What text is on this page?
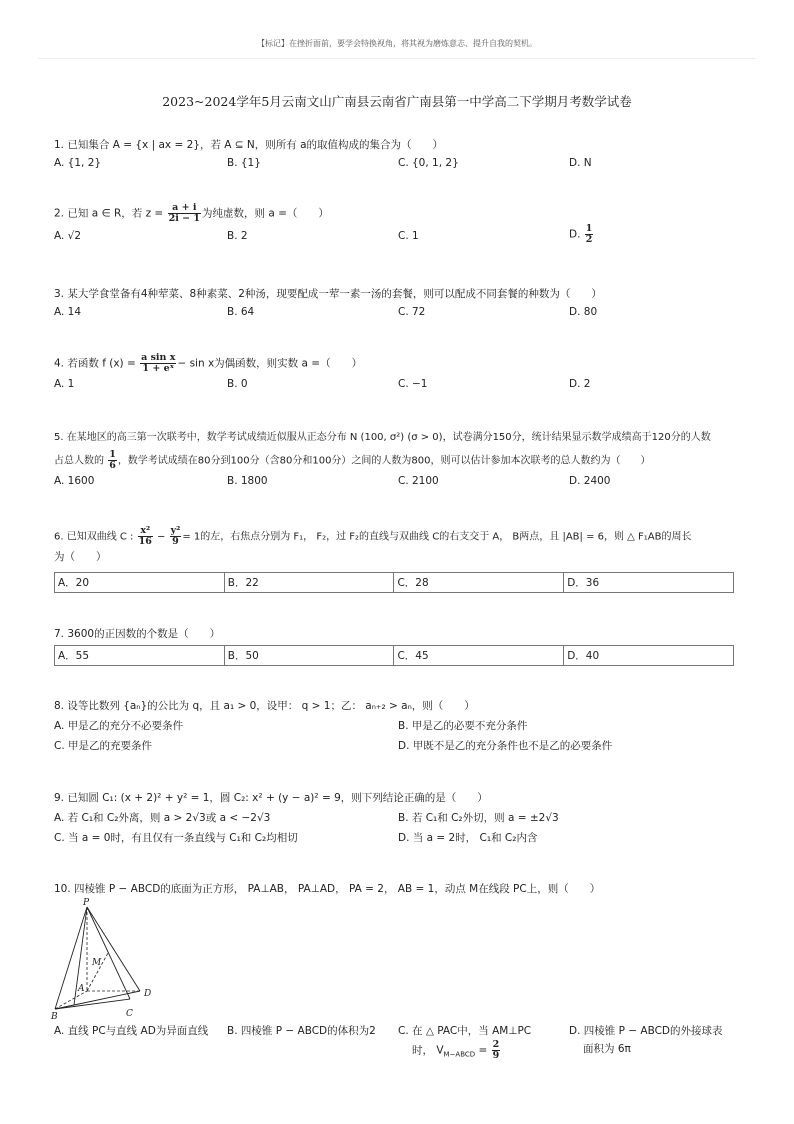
【标记】在挫折面前，要学会特换视角，将其视为磨炼意志、提升自我的契机。
2023~2024学年5月云南文山广南县云南省广南县第一中学高二下学期月考数学试卷
1. 已知集合 A = {x | ax = 2}，若 A ⊆ N，则所有 a的取值构成的集合为（　　）
A. {1, 2}	B. {1}	C. {0, 1, 2}	D. N
2. 已知 a ∈ R，若 $z = \frac{a + i}{2i - 1}$ 为纯虚数，则 a =（　　）
A. √2	B. 2	C. 1	D. $\frac{1}{2}$
3. 某大学食堂备有4种荤菜、8种素菜、2种汤，现要配成一荤一素一汤的套餐，则可以配成不同套餐的种数为（　　）
A. 14	B. 64	C. 72	D. 80
4. 若函数 f $(x) = \frac{\text{a sin x}}{\text{1 + eˣ}} - \sin x$为偶函数，则实数 a =（　　）
A. 1	B. 0	C. −1	D. 2
5. 在某地区的高三第一次联考中，数学考试成绩近似服从正态分布 N (100, σ²) (σ > 0)，试卷满分150分，统计结果显示数学成绩高于120分的人数
占总人数的 $\frac{1}{6}$ ，数学考试成绩在80分到100分（含80分和100分）之间的人数为800，则可以估计参加本次联考的总人数约为（　　）
A. 1600	B. 1800	C. 2100	D. 2400
6. 已知双曲线 C : $\frac{\text{x²}}{16} - \frac{\text{y²}}{9} = 1$的左，右焦点分别为 F₁， F₂，过 F₂的直线与双曲线 C的右支交于 A， B两点，且 |AB| = 6，则 △ F₁AB的周长
为（　　）
A．20	B．22	C．28	D．36
7. 3600的正因数的个数是（　　）
A．55	B．50	C．45	D．40
8. 设等比数列 {aₙ}的公比为 q，且 a₁ > 0，设甲： q > 1；乙： aₙ₊₂ > aₙ，则（　　）
A. 甲是乙的充分不必要条件	B. 甲是乙的必要不充分条件
C. 甲是乙的充要条件	D. 甲既不是乙的充分条件也不是乙的必要条件
9. 已知圆 C₁: (x + 2)² + y² = 1，圆 C₂: x² + (y − a)² = 9，则下列结论正确的是（　　）
A. 若 C₁和 C₂外离，则 a > 2√3或 a < −2√3	B. 若 C₁和 C₂外切，则 a = ±2√3
C. 当 a = 0时，有且仅有一条直线与 C₁和 C₂均相切	D. 当 a = 2时， C₁和 C₂内含
10. 四棱锥 P − ABCD的底面为正方形， PA⊥AB， PA⊥AD， PA = 2， AB = 1，动点 M在线段 PC上，则（　　）
P
M
A
B	C
D
A. 直线 PC与直线 AD为异面直线	B. 四棱锥 P − ABCD的体积为2	C. 在 △ PAC中，当 AM⊥PC
时， $V_{M-ABCD} = \frac{2}{9}$
D. 四棱锥 P − ABCD的外接球表
面积为 6π
